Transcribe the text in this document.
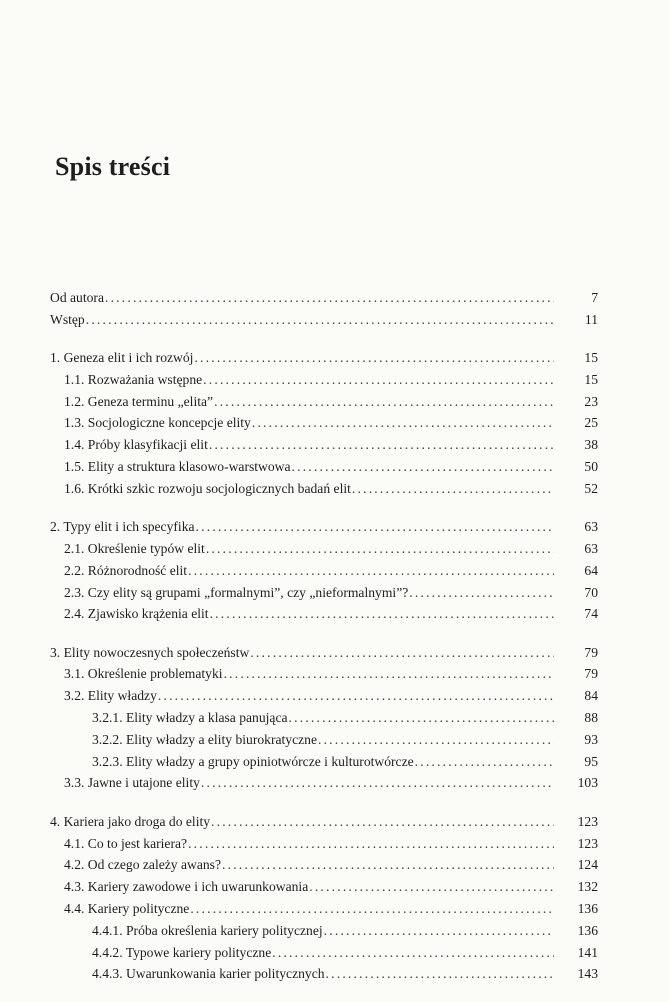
Spis treści
Od autora . . .	7
Wstęp . . .	11
1. Geneza elit i ich rozwój . . .	15
1.1. Rozważania wstępne . . .	15
1.2. Geneza terminu „elita” . . .	23
1.3. Socjologiczne koncepcje elity . . .	25
1.4. Próby klasyfikacji elit . . .	38
1.5. Elity a struktura klasowo-warstwowa . . .	50
1.6. Krótki szkic rozwoju socjologicznych badań elit . . .	52
2. Typy elit i ich specyfika . . .	63
2.1. Określenie typów elit . . .	63
2.2. Różnorodność elit . . .	64
2.3. Czy elity są grupami „formalnymi”, czy „nieformalnymi”? . . .	70
2.4. Zjawisko krążenia elit . . .	74
3. Elity nowoczesnych społeczeństw . . .	79
3.1. Określenie problematyki . . .	79
3.2. Elity władzy . . .	84
3.2.1. Elity władzy a klasa panująca . . .	88
3.2.2. Elity władzy a elity biurokratyczne . . .	93
3.2.3. Elity władzy a grupy opiniotwórcze i kulturotwórcze . . .	95
3.3. Jawne i utajone elity . . .	103
4. Kariera jako droga do elity . . .	123
4.1. Co to jest kariera? . . .	123
4.2. Od czego zależy awans? . . .	124
4.3. Kariery zawodowe i ich uwarunkowania . . .	132
4.4. Kariery polityczne . . .	136
4.4.1. Próba określenia kariery politycznej . . .	136
4.4.2. Typowe kariery polityczne . . .	141
4.4.3. Uwarunkowania karier politycznych . . .	143
